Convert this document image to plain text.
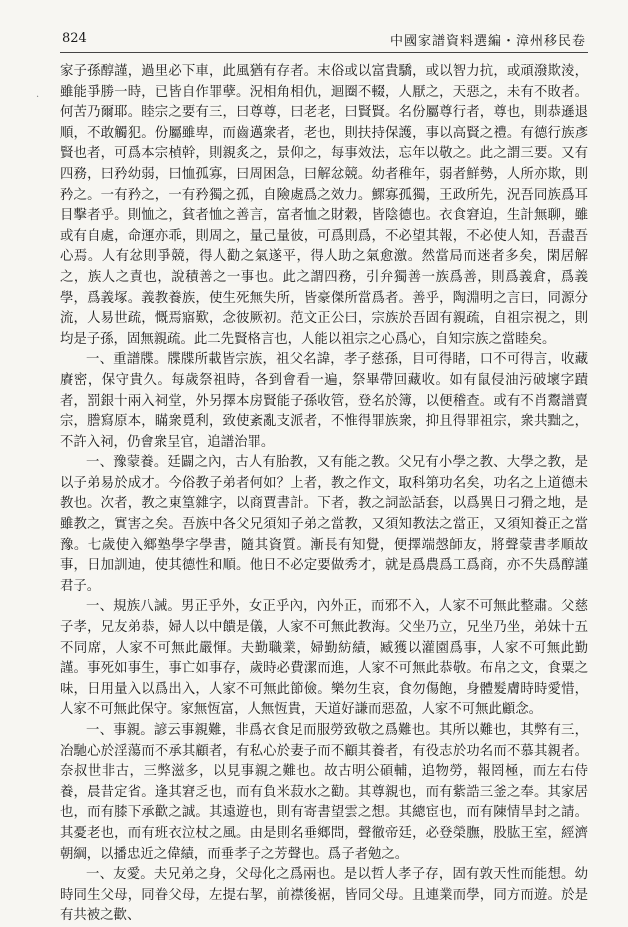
824	中國家譜資料選編・漳州移民卷
·

家子孫醇謹，過里必下車，此風猶有存者。末俗或以富貴驕，或以智力抗，或頑潑欺淩，雖能爭勝一時，已皆自作罪孽。況相角相仇，迴圈不輟，人厭之，天惡之，未有不敗者。何苦乃爾耶。睦宗之要有三，曰尊尊，曰老老，曰賢賢。名份屬尊行者，尊也，則恭遜退順，不敢觸犯。份屬雖卑，而齒邁衆者，老也，則扶持保護，事以高賢之禮。有德行族彥賢也者，可爲本宗楨幹，則親炙之，景仰之，每事效法，忘年以敬之。此之謂三要。又有四務，曰矜幼弱，曰恤孤寡，曰周困急，曰解忿競。幼者稚年，弱者鮮勢，人所亦欺，則矜之。一有矜之，一有矜獨之孤，自險處爲之效力。鰥寡孤獨，王政所先，況吾同族爲耳目擊者乎。則恤之，貧者恤之善言，富者恤之財穀，皆陰德也。衣食窘迫，生計無聊，雖或有自處，命運亦乖，則周之，量己量彼，可爲則爲，不必望其報，不必使人知，吾盡吾心焉。人有忿則爭競，得人勸之氣遂平，得人助之氣愈激。然當局而迷者多矣，閑居解之，族人之責也，說積善之一事也。此之謂四務，引弁獨善一族爲善，則爲義倉，爲義學，爲義塚。義教養族，使生死無失所，皆豪傑所當爲者。善乎，陶淵明之言曰，同源分流，人易世疏，慨焉寤歎，念彼厥初。范文正公曰，宗族於吾固有親疏，自祖宗視之，則均是子孫，固無親疏。此二先賢格言也，人能以祖宗之心爲心，自知宗族之當睦矣。

一、重譜牒。牒牒所載皆宗族，祖父名諱，孝子慈孫，目可得睹，口不可得言，收藏賡密，保守貴久。每歲祭祖時，各到會看一遍，祭畢帶回藏收。如有鼠侵油污破壞字蹟者，罰銀十兩入祠堂，外另擇本房賢能子孫收管，登名於簿，以便稽查。或有不肖鬻譜賣宗，謄寫原本，瞞衆覓利，致使紊亂支派者，不惟得罪族衆，抑且得罪祖宗，衆共黜之，不許入祠，仍會衆呈官，追譜治罪。

一、豫蒙養。廷闢之內，古人有胎教，又有能之教。父兄有小學之教、大學之教，是以子弟易於成才。今俗教子弟者何如？上者，教之作文，取科第功名矣，功名之上道德未教也。次者，教之東篁雜字，以商賈書計。下者，教之詞訟話套，以爲異日刁猾之地，是雖教之，實害之矣。吾族中各父兄須知子弟之當教，又須知教法之當正，又須知養正之當豫。七歲使入鄉塾學字學書，隨其資質。漸長有知覺，便擇端愨師友，將聲蒙書孝順故事，日加訓迪，使其德性和順。他日不必定要做秀才，就是爲農爲工爲商，亦不失爲醇謹君子。

一、規族八誡。男正乎外，女正乎內，內外正，而邪不入，人家不可無此整肅。父慈子孝，兄友弟恭，婦人以中饋是儀，人家不可無此教海。父坐乃立，兄坐乃坐，弟妹十五不同席，人家不可無此嚴惲。夫勤職業，婦勤紡績，臧獲以灌園爲事，人家不可無此勤謹。事死如事生，事亡如事存，歲時必費潔而進，人家不可無此恭敬。布帛之文，食粟之味，日用量入以爲出入，人家不可無此節儉。樂勿生哀，食勿傷飽，身體髮膚時時愛惜，人家不可無此保守。家無恆富，人無恆貴，天道好謙而惡盈，人家不可無此顧念。

一、事親。諺云事親難，非爲衣食足而服勞致敬之爲難也。其所以難也，其弊有三，冶馳心於淫蕩而不承其顧者，有私心於妻子而不顧其養者，有役志於功名而不慕其親者。奈叔世非古，三弊滋多，以見事親之難也。故古明公碩輔，追物勞，報罔極，而左右侍養，晨昔定省。逢其窘乏也，而有負米菽水之勸。其尊親也，而有紫誥三釜之奉。其家居也，而有膝下承歡之誠。其遠遊也，則有寄書望雲之想。其總宦也，而有陳情旱封之請。其憂老也，而有班衣泣杖之風。由是則名垂鄉問，聲徹帝廷，必登榮膴，股肱王室，經濟朝綱，以播忠近之偉績，而垂孝子之芳聲也。爲子者勉之。

一、友愛。夫兄弟之身，父母化之爲兩也。是以哲人孝子存，固有敦天性而能想。幼時同生父母，同眷父母，左提右挈，前襟後裾，皆同父母。且連業而學，同方而遊。於是有共被之歡、
